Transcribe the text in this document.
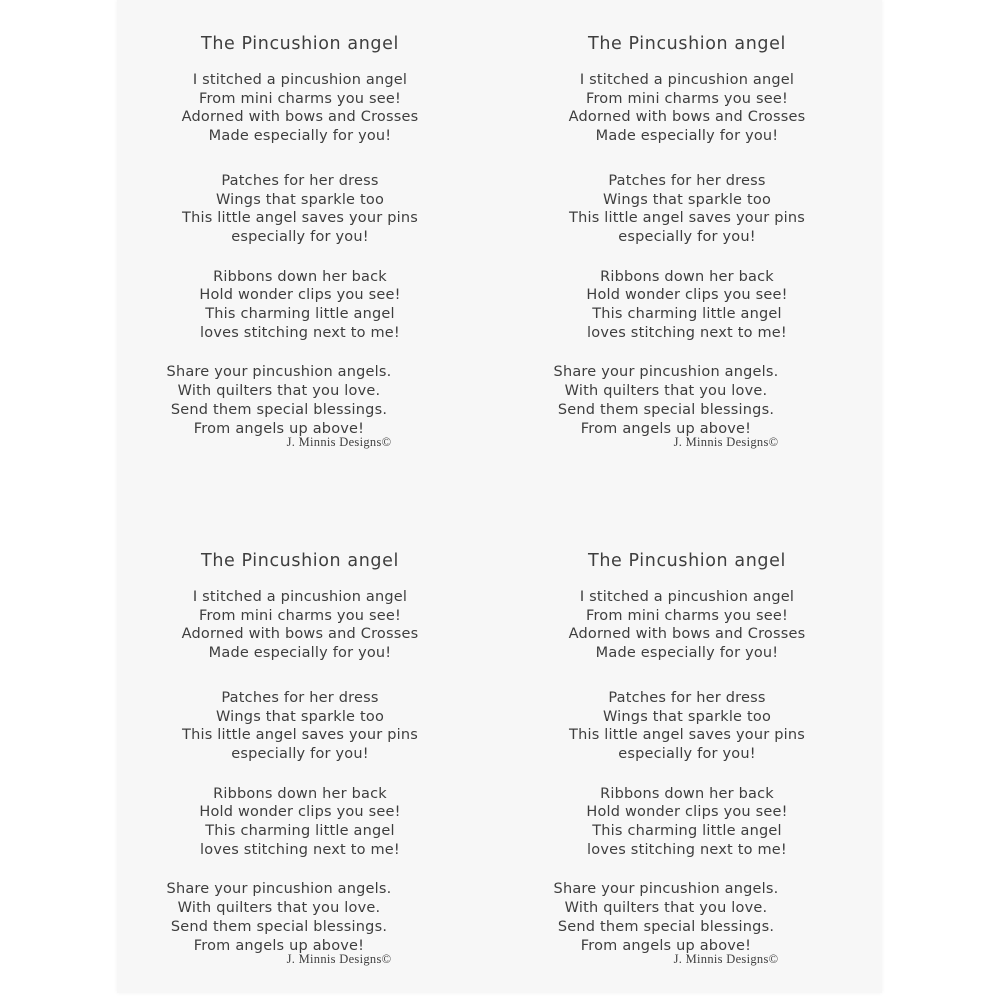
The Pincushion angel
I stitched a pincushion angel
From mini charms you see!
Adorned with bows and Crosses
Made especially for you!
Patches for her dress
Wings that sparkle too
This little angel saves your pins
especially for you!
Ribbons down her back
Hold wonder clips you see!
This charming little angel
loves stitching next to me!
Share your pincushion angels.
With quilters that you love.
Send them special blessings.
From angels up above!
J. Minnis Designs©
The Pincushion angel
I stitched a pincushion angel
From mini charms you see!
Adorned with bows and Crosses
Made especially for you!
Patches for her dress
Wings that sparkle too
This little angel saves your pins
especially for you!
Ribbons down her back
Hold wonder clips you see!
This charming little angel
loves stitching next to me!
Share your pincushion angels.
With quilters that you love.
Send them special blessings.
From angels up above!
J. Minnis Designs©
The Pincushion angel
I stitched a pincushion angel
From mini charms you see!
Adorned with bows and Crosses
Made especially for you!
Patches for her dress
Wings that sparkle too
This little angel saves your pins
especially for you!
Ribbons down her back
Hold wonder clips you see!
This charming little angel
loves stitching next to me!
Share your pincushion angels.
With quilters that you love.
Send them special blessings.
From angels up above!
J. Minnis Designs©
The Pincushion angel
I stitched a pincushion angel
From mini charms you see!
Adorned with bows and Crosses
Made especially for you!
Patches for her dress
Wings that sparkle too
This little angel saves your pins
especially for you!
Ribbons down her back
Hold wonder clips you see!
This charming little angel
loves stitching next to me!
Share your pincushion angels.
With quilters that you love.
Send them special blessings.
From angels up above!
J. Minnis Designs©
